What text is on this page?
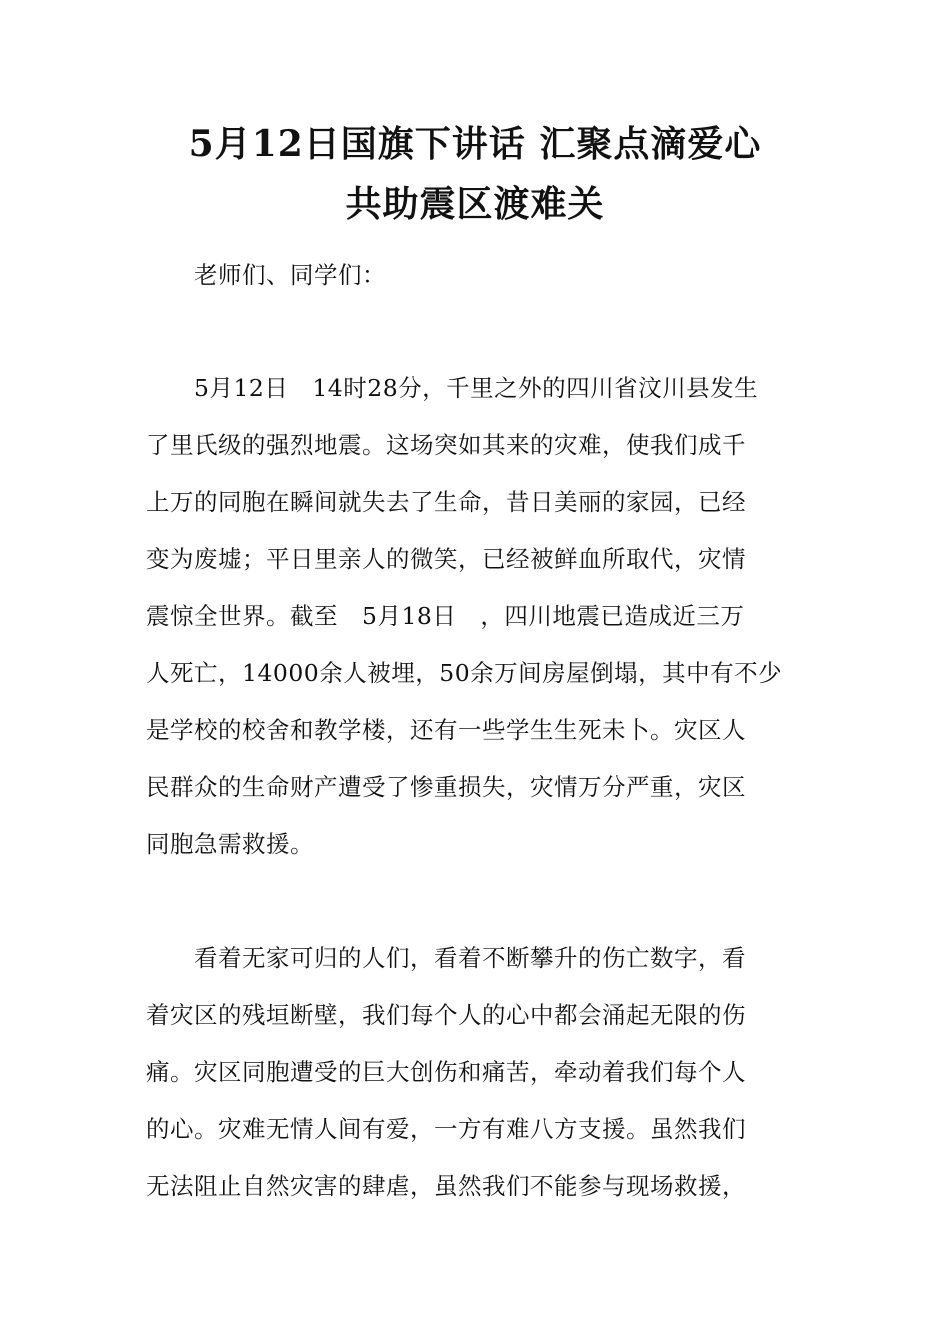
5月12日国旗下讲话 汇聚点滴爱心
共助震区渡难关
老师们、同学们：
5月12日　14时28分，千里之外的四川省汶川县发生
了里氏级的强烈地震。这场突如其来的灾难，使我们成千
上万的同胞在瞬间就失去了生命，昔日美丽的家园，已经
变为废墟；平日里亲人的微笑，已经被鲜血所取代，灾情
震惊全世界。截至　5月18日　，四川地震已造成近三万
人死亡，14000余人被埋，50余万间房屋倒塌，其中有不少
是学校的校舍和教学楼，还有一些学生生死未卜。灾区人
民群众的生命财产遭受了惨重损失，灾情万分严重，灾区
同胞急需救援。
看着无家可归的人们，看着不断攀升的伤亡数字，看
着灾区的残垣断壁，我们每个人的心中都会涌起无限的伤
痛。灾区同胞遭受的巨大创伤和痛苦，牵动着我们每个人
的心。灾难无情人间有爱，一方有难八方支援。虽然我们
无法阻止自然灾害的肆虐，虽然我们不能参与现场救援，
